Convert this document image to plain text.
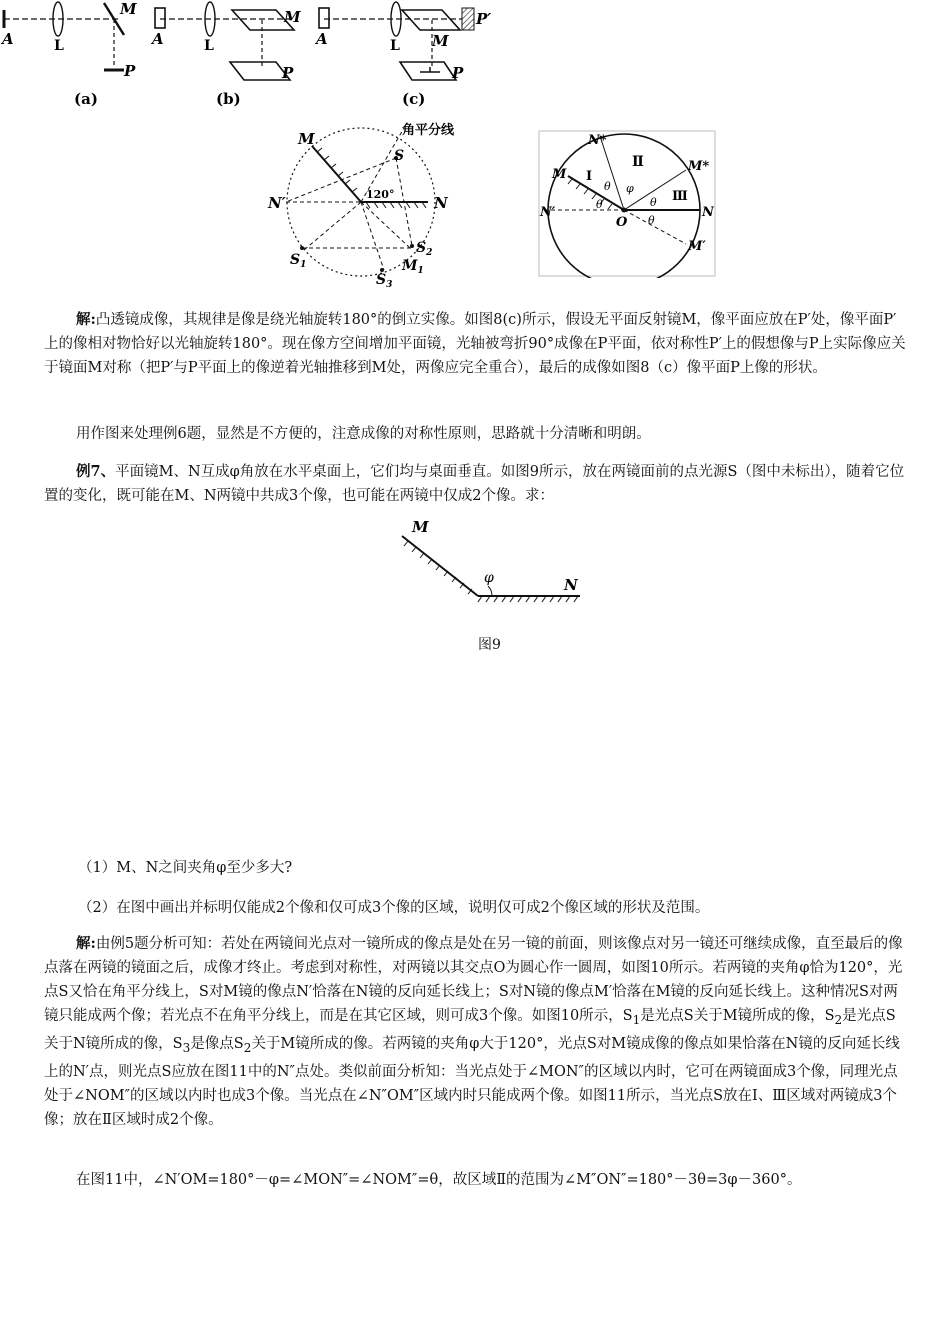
A	L
M
P
(a)
A	L
M
P
(b)
A	L M
P
P′
(c)
M	角平分线
S
120°
N′	N
$S_1$
$S_2$
$M_1$
$S_3$
N*
M
Ⅱ
Ⅰ
M*
θ φ
Ⅲ
N′
θ	θ
O
N
θ
M′

解:凸透镜成像，其规律是像是绕光轴旋转180°的倒立实像。如图8(c)所示，假设无平面反射镜M，像平面应放在P′处，像平面P′上的像相对物恰好以光轴旋转180°。现在像方空间增加平面镜，光轴被弯折90°成像在P平面，依对称性P′上的假想像与P上实际像应关于镜面M对称（把P′与P平面上的像逆着光轴推移到M处，两像应完全重合），最后的成像如图8（c）像平面P上像的形状。

用作图来处理例6题，显然是不方便的，注意成像的对称性原则，思路就十分清晰和明朗。

例7、平面镜M、N互成φ角放在水平桌面上，它们均与桌面垂直。如图9所示，放在两镜面前的点光源S（图中未标出），随着它位置的变化，既可能在M、N两镜中共成3个像，也可能在两镜中仅成2个像。求：

M
N
φ
图9

（1）M、N之间夹角φ至少多大?

（2）在图中画出并标明仅能成2个像和仅可成3个像的区域，说明仅可成2个像区域的形状及范围。

解:由例5题分析可知：若处在两镜间光点对一镜所成的像点是处在另一镜的前面，则该像点对另一镜还可继续成像，直至最后的像点落在两镜的镜面之后，成像才终止。考虑到对称性，对两镜以其交点O为圆心作一圆周，如图10所示。若两镜的夹角φ恰为120°，光点S又恰在角平分线上，S对M镜的像点N′恰落在N镜的反向延长线上；S对N镜的像点M′恰落在M镜的反向延长线上。这种情况S对两镜只能成两个像；若光点不在角平分线上，而是在其它区域，则可成3个像。如图10所示，$S_1$是光点S关于M镜所成的像，$S_2$是光点S关于N镜所成的像，$S_3$是像点$S_2$关于M镜所成的像。若两镜的夹角φ大于120°，光点S对M镜成像的像点如果恰落在N镜的反向延长线上的N′点，则光点S应放在图11中的N″点处。类似前面分析知：当光点处于∠MON″的区域以内时，它可在两镜面成3个像，同理光点处于∠NOM″的区域以内时也成3个像。当光点在∠N″OM″区域内时只能成两个像。如图11所示，当光点S放在Ⅰ、Ⅲ区域对两镜成3个像；放在Ⅱ区域时成2个像。

在图11中，∠N′OM=180°－φ=∠MON″=∠NOM″=θ，故区域Ⅱ的范围为∠M″ON″=180°－3θ=3φ－360°。
